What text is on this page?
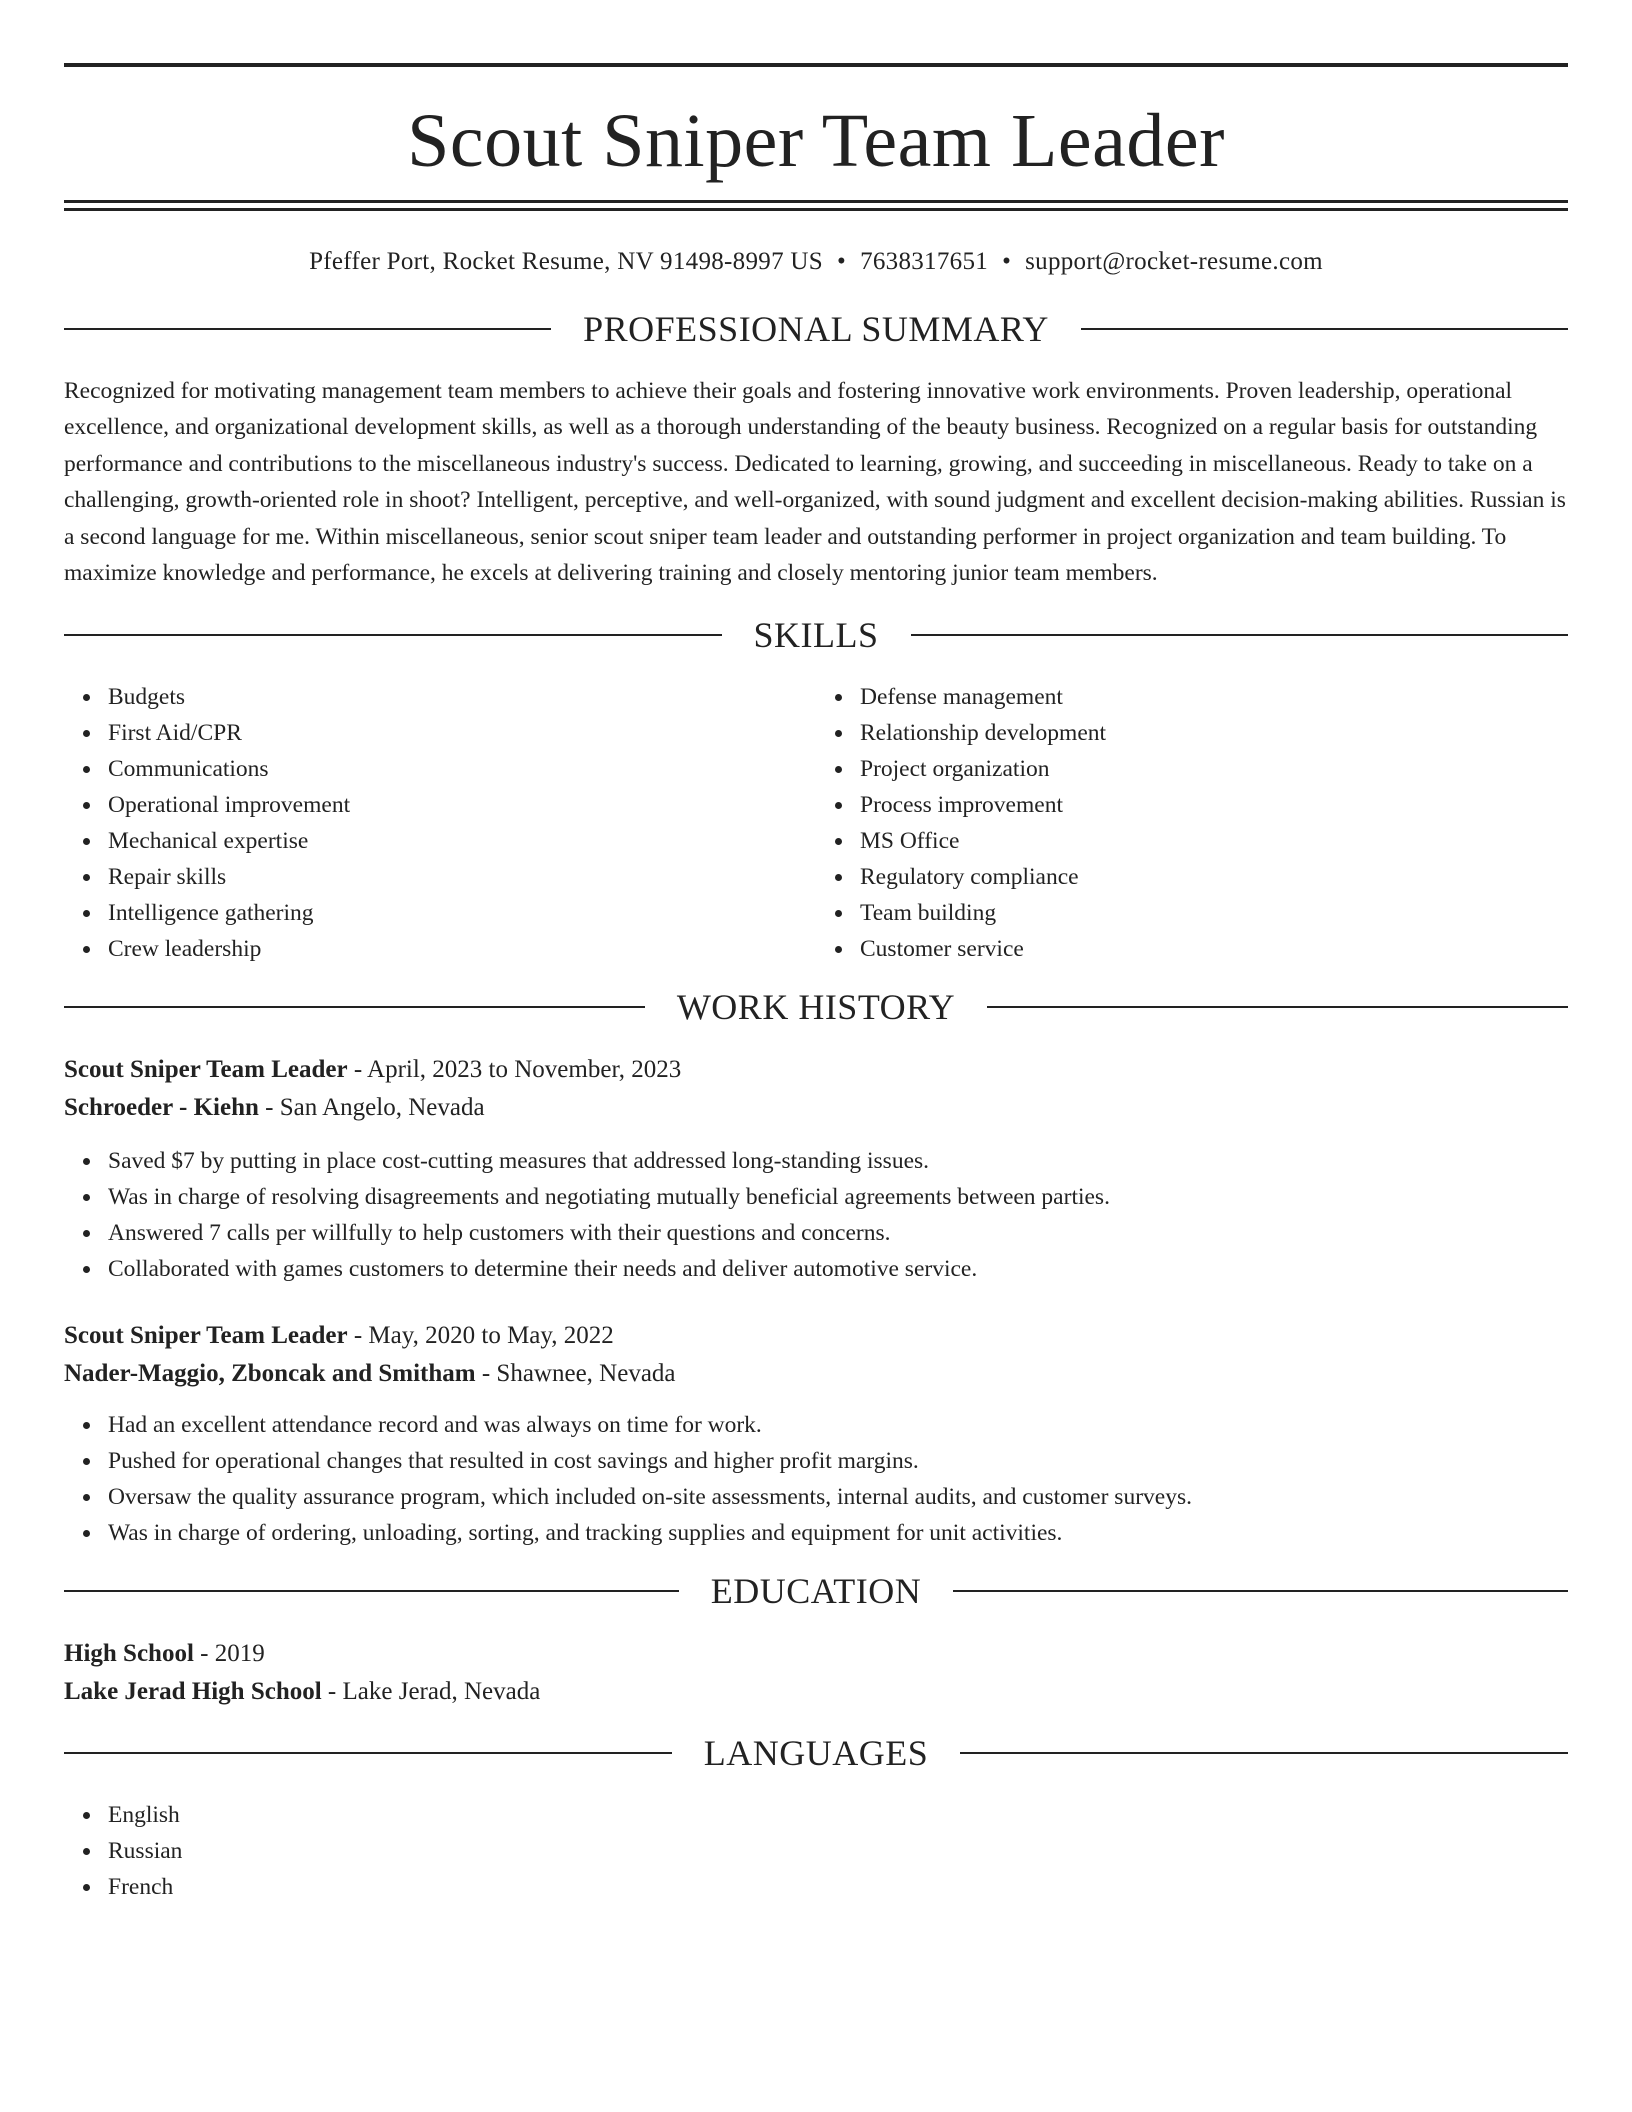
Scout Sniper Team Leader
Pfeffer Port, Rocket Resume, NV 91498-8997 US • 7638317651 • support@rocket-resume.com
PROFESSIONAL SUMMARY

Recognized for motivating management team members to achieve their goals and fostering innovative work environments. Proven leadership, operational excellence, and organizational development skills, as well as a thorough understanding of the beauty business. Recognized on a regular basis for outstanding performance and contributions to the miscellaneous industry's success. Dedicated to learning, growing, and succeeding in miscellaneous. Ready to take on a challenging, growth-oriented role in shoot? Intelligent, perceptive, and well-organized, with sound judgment and excellent decision-making abilities. Russian is a second language for me. Within miscellaneous, senior scout sniper team leader and outstanding performer in project organization and team building. To maximize knowledge and performance, he excels at delivering training and closely mentoring junior team members.

SKILLS
Budgets
First Aid/CPR
Communications
Operational improvement
Mechanical expertise
Repair skills
Intelligence gathering
Crew leadership
Defense management
Relationship development
Project organization
Process improvement
MS Office
Regulatory compliance
Team building
Customer service
WORK HISTORY

Scout Sniper Team Leader - April, 2023 to November, 2023

Schroeder - Kiehn - San Angelo, Nevada

Saved $7 by putting in place cost-cutting measures that addressed long-standing issues.
Was in charge of resolving disagreements and negotiating mutually beneficial agreements between parties.
Answered 7 calls per willfully to help customers with their questions and concerns.
Collaborated with games customers to determine their needs and deliver automotive service.

Scout Sniper Team Leader - May, 2020 to May, 2022

Nader-Maggio, Zboncak and Smitham - Shawnee, Nevada

Had an excellent attendance record and was always on time for work.
Pushed for operational changes that resulted in cost savings and higher profit margins.
Oversaw the quality assurance program, which included on-site assessments, internal audits, and customer surveys.
Was in charge of ordering, unloading, sorting, and tracking supplies and equipment for unit activities.
EDUCATION

High School - 2019

Lake Jerad High School - Lake Jerad, Nevada

LANGUAGES
English
Russian
French
